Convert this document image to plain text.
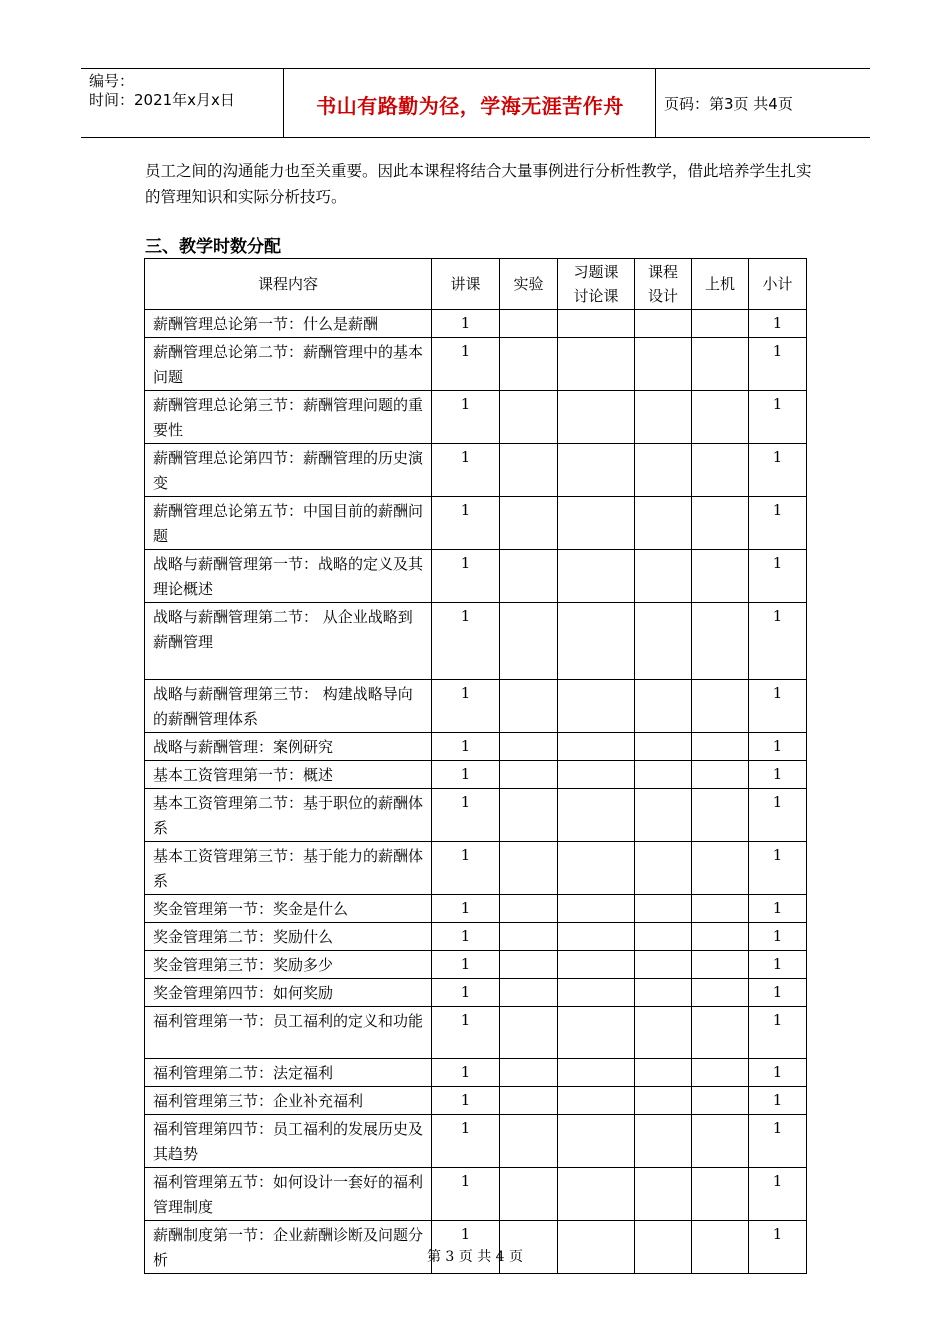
编号：
时间：2021年x月x日	书山有路勤为径，学海无涯苦作舟	页码：第3页 共4页
员工之间的沟通能力也至关重要。因此本课程将结合大量事例进行分析性教学，借此培养学生扎实的管理知识和实际分析技巧。
三、教学时数分配
课程内容	讲课	实验	习题课讨论课	课程设计	上机	小计
薪酬管理总论第一节：什么是薪酬	1					1
薪酬管理总论第二节：薪酬管理中的基本问题	1					1
薪酬管理总论第三节：薪酬管理问题的重要性	1					1
薪酬管理总论第四节：薪酬管理的历史演变	1					1
薪酬管理总论第五节：中国目前的薪酬问题	1					1
战略与薪酬管理第一节：战略的定义及其理论概述	1					1
战略与薪酬管理第二节： 从企业战略到薪酬管理	1					1
战略与薪酬管理第三节： 构建战略导向的薪酬管理体系	1					1
战略与薪酬管理：案例研究	1					1
基本工资管理第一节：概述	1					1
基本工资管理第二节：基于职位的薪酬体系	1					1
基本工资管理第三节：基于能力的薪酬体系	1					1
奖金管理第一节：奖金是什么	1					1
奖金管理第二节：奖励什么	1					1
奖金管理第三节：奖励多少	1					1
奖金管理第四节：如何奖励	1					1
福利管理第一节：员工福利的定义和功能	1					1
福利管理第二节：法定福利	1					1
福利管理第三节：企业补充福利	1					1
福利管理第四节：员工福利的发展历史及其趋势	1					1
福利管理第五节：如何设计一套好的福利管理制度	1					1
薪酬制度第一节：企业薪酬诊断及问题分析	1					1
第 3 页 共 4 页
